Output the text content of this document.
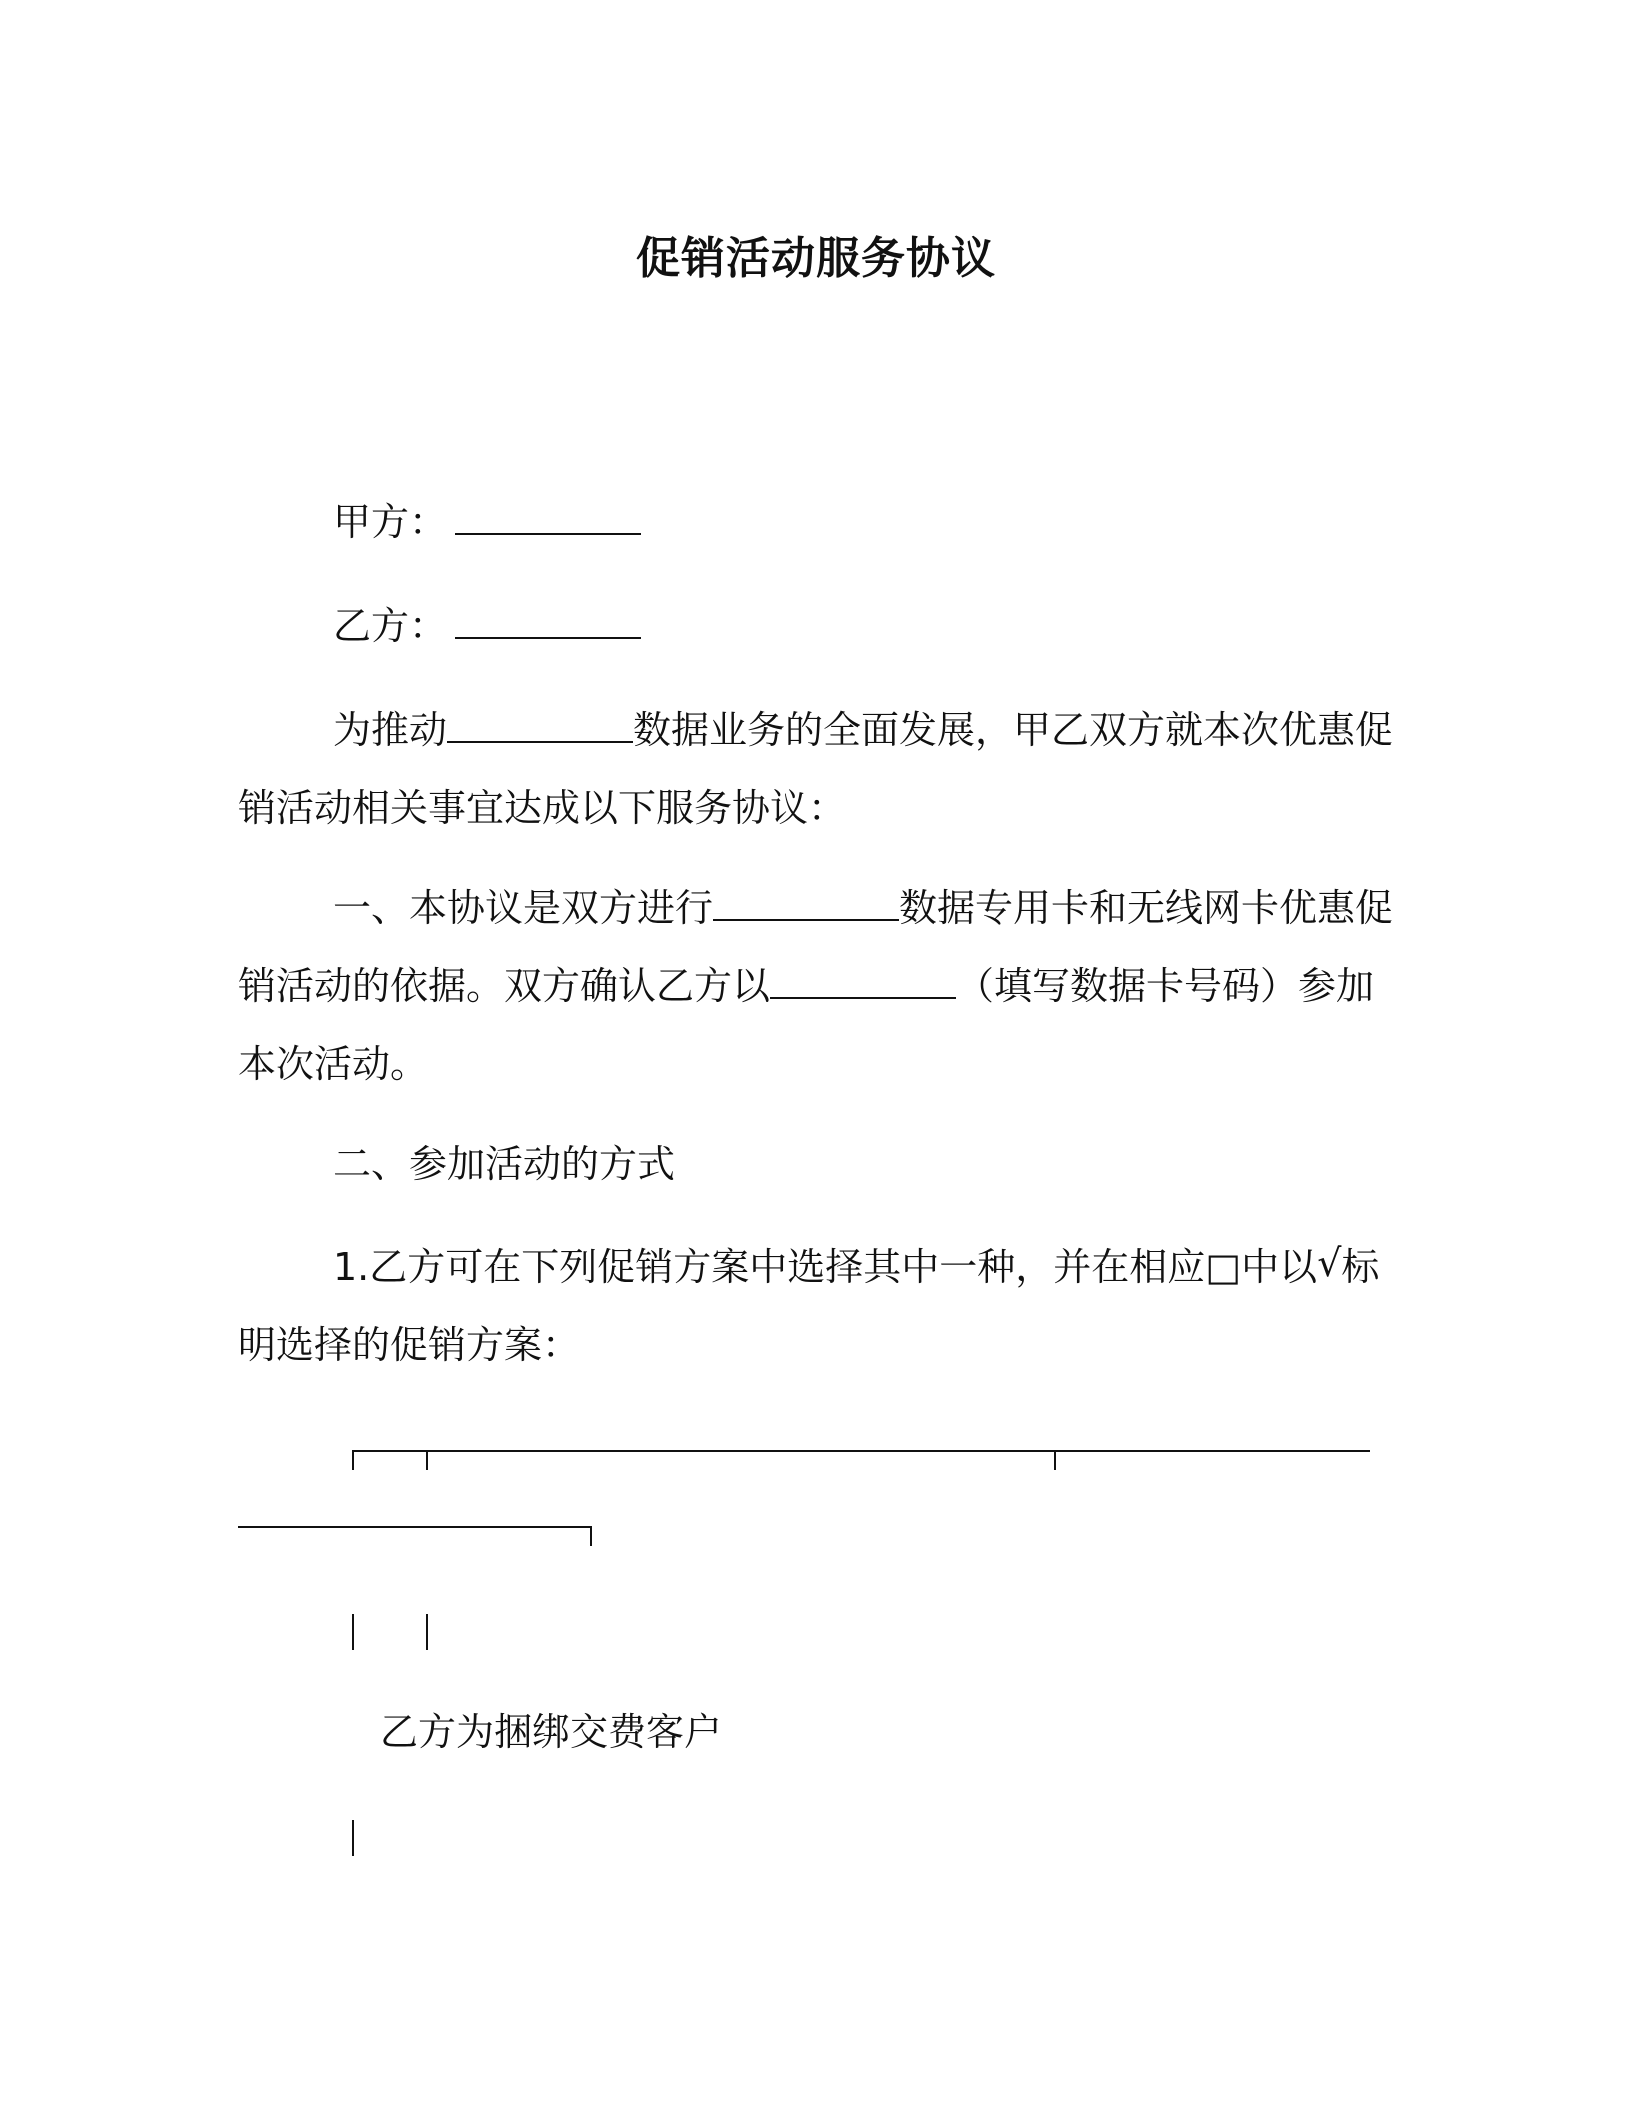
促销活动服务协议
甲方：
乙方：
为推动	数据业务的全面发展，甲乙双方就本次优惠促
销活动相关事宜达成以下服务协议：
一、本协议是双方进行	数据专用卡和无线网卡优惠促
销活动的依据。双方确认乙方以	（填写数据卡号码）参加
本次活动。
二、参加活动的方式
1.乙方可在下列促销方案中选择其中一种，并在相应□中以√标
明选择的促销方案：
乙方为捆绑交费客户
